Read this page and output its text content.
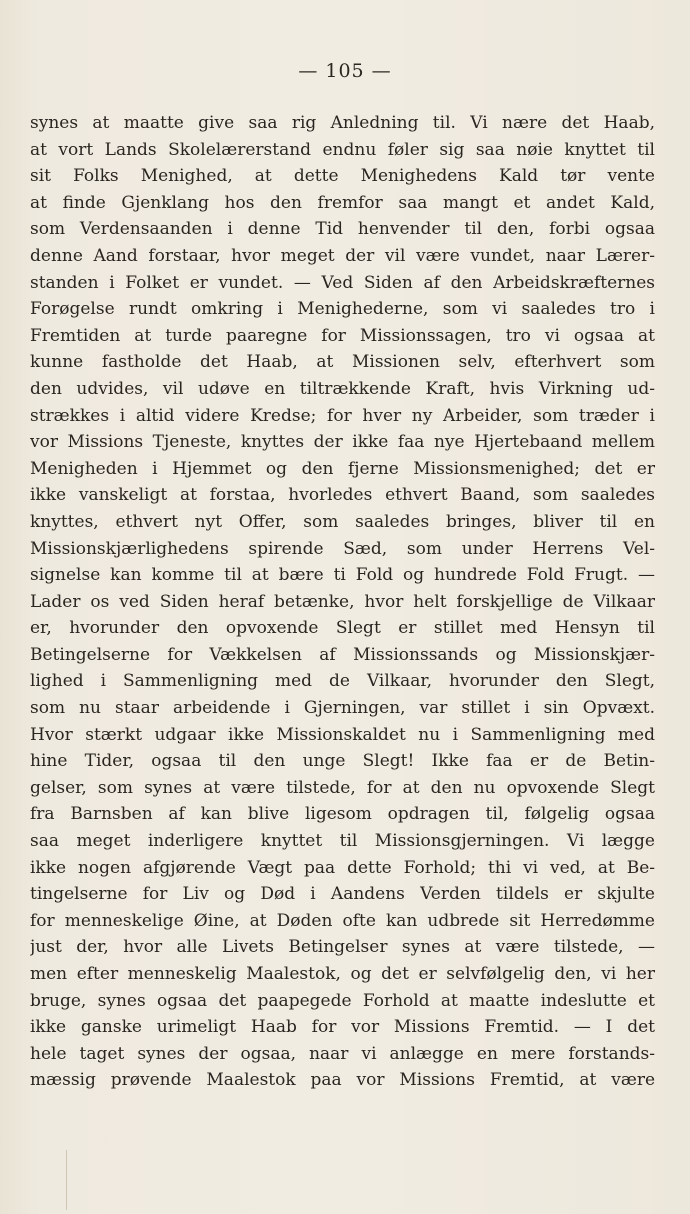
— 105 —
synes at maatte give saa rig Anledning til. Vi nære det Haab,
at vort Lands Skolelærerstand endnu føler sig saa nøie knyttet til
sit Folks Menighed, at dette Menighedens Kald tør vente
at finde Gjenklang hos den fremfor saa mangt et andet Kald,
som Verdensaanden i denne Tid henvender til den, forbi ogsaa
denne Aand forstaar, hvor meget der vil være vundet, naar Lærer-
standen i Folket er vundet. — Ved Siden af den Arbeidskræfternes
Forøgelse rundt omkring i Menighederne, som vi saaledes tro i
Fremtiden at turde paaregne for Missionssagen, tro vi ogsaa at
kunne fastholde det Haab, at Missionen selv, efterhvert som
den udvides, vil udøve en tiltrækkende Kraft, hvis Virkning ud-
strækkes i altid videre Kredse; for hver ny Arbeider, som træder i
vor Missions Tjeneste, knyttes der ikke faa nye Hjertebaand mellem
Menigheden i Hjemmet og den fjerne Missionsmenighed; det er
ikke vanskeligt at forstaa, hvorledes ethvert Baand, som saaledes
knyttes, ethvert nyt Offer, som saaledes bringes, bliver til en
Missionskjærlighedens spirende Sæd, som under Herrens Vel-
signelse kan komme til at bære ti Fold og hundrede Fold Frugt. —
Lader os ved Siden heraf betænke, hvor helt forskjellige de Vilkaar
er, hvorunder den opvoxende Slegt er stillet med Hensyn til
Betingelserne for Vækkelsen af Missionssands og Missionskjær-
lighed i Sammenligning med de Vilkaar, hvorunder den Slegt,
som nu staar arbeidende i Gjerningen, var stillet i sin Opvæxt.
Hvor stærkt udgaar ikke Missionskaldet nu i Sammenligning med
hine Tider, ogsaa til den unge Slegt! Ikke faa er de Betin-
gelser, som synes at være tilstede, for at den nu opvoxende Slegt
fra Barnsben af kan blive ligesom opdragen til, følgelig ogsaa
saa meget inderligere knyttet til Missionsgjerningen. Vi lægge
ikke nogen afgjørende Vægt paa dette Forhold; thi vi ved, at Be-
tingelserne for Liv og Død i Aandens Verden tildels er skjulte
for menneskelige Øine, at Døden ofte kan udbrede sit Herredømme
just der, hvor alle Livets Betingelser synes at være tilstede, —
men efter menneskelig Maalestok, og det er selvfølgelig den, vi her
bruge, synes ogsaa det paapegede Forhold at maatte indeslutte et
ikke ganske urimeligt Haab for vor Missions Fremtid. — I det
hele taget synes der ogsaa, naar vi anlægge en mere forstands-
mæssig prøvende Maalestok paa vor Missions Fremtid, at være
